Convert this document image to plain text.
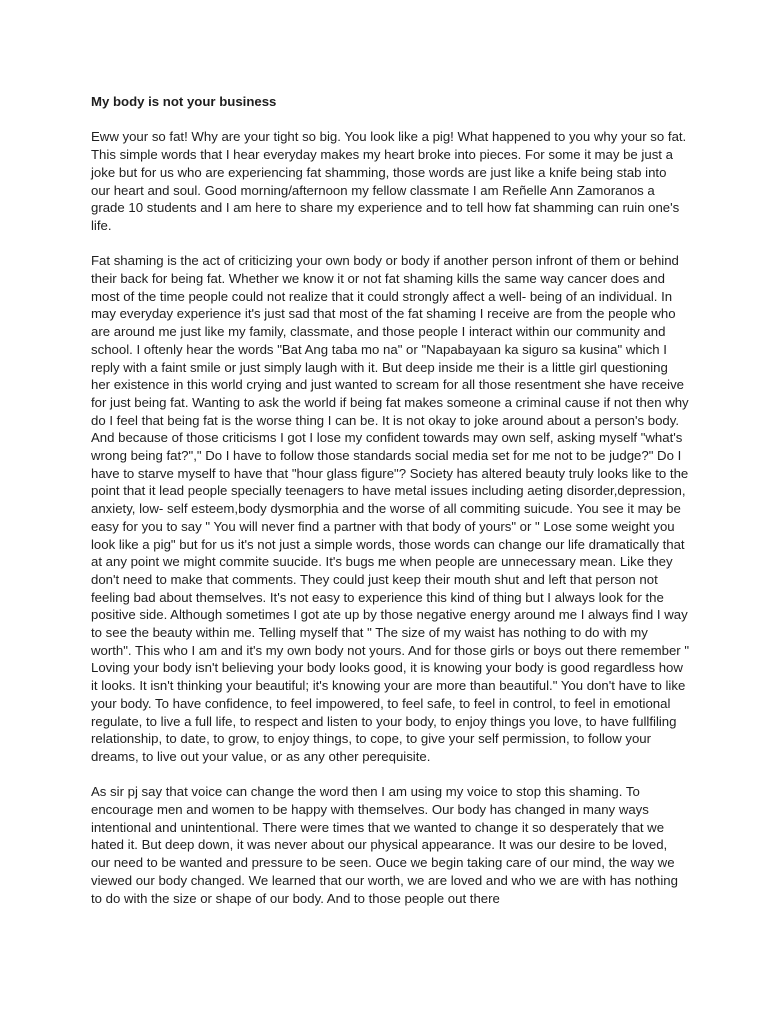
My body is not your business
Eww your so fat! Why are your tight so big. You look like a pig! What happened to you why your so fat. This simple words that I hear everyday makes my heart broke into pieces. For some it may be just a joke but for us who are experiencing fat shamming, those words are just like a knife being stab into our heart and soul. Good morning/afternoon my fellow classmate I am Reñelle Ann Zamoranos a grade 10 students and I am here to share my experience and to tell how fat shamming can ruin one's life.
Fat shaming is the act of criticizing your own body or body if another person infront of them or behind their back for being fat. Whether we know it or not fat shaming kills the same way cancer does and most of the time people could not realize that it could strongly affect a well- being of an individual. In may everyday experience it's just sad that most of the fat shaming I receive are from the people who are around me just like my family, classmate, and those people I interact within our community and school. I oftenly hear the words "Bat Ang taba mo na" or "Napabayaan ka siguro sa kusina" which I reply with a faint smile or just simply laugh with it. But deep inside me their is a little girl questioning her existence in this world crying and just wanted to scream for all those resentment she have receive for just being fat. Wanting to ask the world if being fat makes someone a criminal cause if not then why do I feel that being fat is the worse thing I can be. It is not okay to joke around about a person's body. And because of those criticisms I got I lose my confident towards may own self, asking myself "what's wrong being fat?"," Do I have to follow those standards social media set for me not to be judge?" Do I have to starve myself to have that "hour glass figure"? Society has altered beauty truly looks like to the point that it lead people specially teenagers to have metal issues including aeting disorder,depression, anxiety, low- self esteem,body dysmorphia and the worse of all commiting suicude. You see it may be easy for you to say " You will never find a partner with that body of yours" or " Lose some weight you look like a pig" but for us it's not just a simple words, those words can change our life dramatically that at any point we might commite suucide. It's bugs me when people are unnecessary mean. Like they don't need to make that comments. They could just keep their mouth shut and left that person not feeling bad about themselves. It's not easy to experience this kind of thing but I always look for the positive side. Although sometimes I got ate up by those negative energy around me I always find I way to see the beauty within me. Telling myself that " The size of my waist has nothing to do with my worth". This who I am and it's my own body not yours. And for those girls or boys out there remember " Loving your body isn't believing your body looks good, it is knowing your body is good regardless how it looks. It isn't thinking your beautiful; it's knowing your are more than beautiful." You don't have to like your body. To have confidence, to feel impowered, to feel safe, to feel in control, to feel in emotional regulate, to live a full life, to respect and listen to your body, to enjoy things you love, to have fullfiling relationship, to date, to grow, to enjoy things, to cope, to give your self permission, to follow your dreams, to live out your value, or as any other perequisite.
As sir pj say that voice can change the word then I am using my voice to stop this shaming. To encourage men and women to be happy with themselves. Our body has changed in many ways intentional and unintentional. There were times that we wanted to change it so desperately that we hated it. But deep down, it was never about our physical appearance. It was our desire to be loved, our need to be wanted and pressure to be seen. Ouce we begin taking care of our mind, the way we viewed our body changed. We learned that our worth, we are loved and who we are with has nothing to do with the size or shape of our body. And to those people out there
